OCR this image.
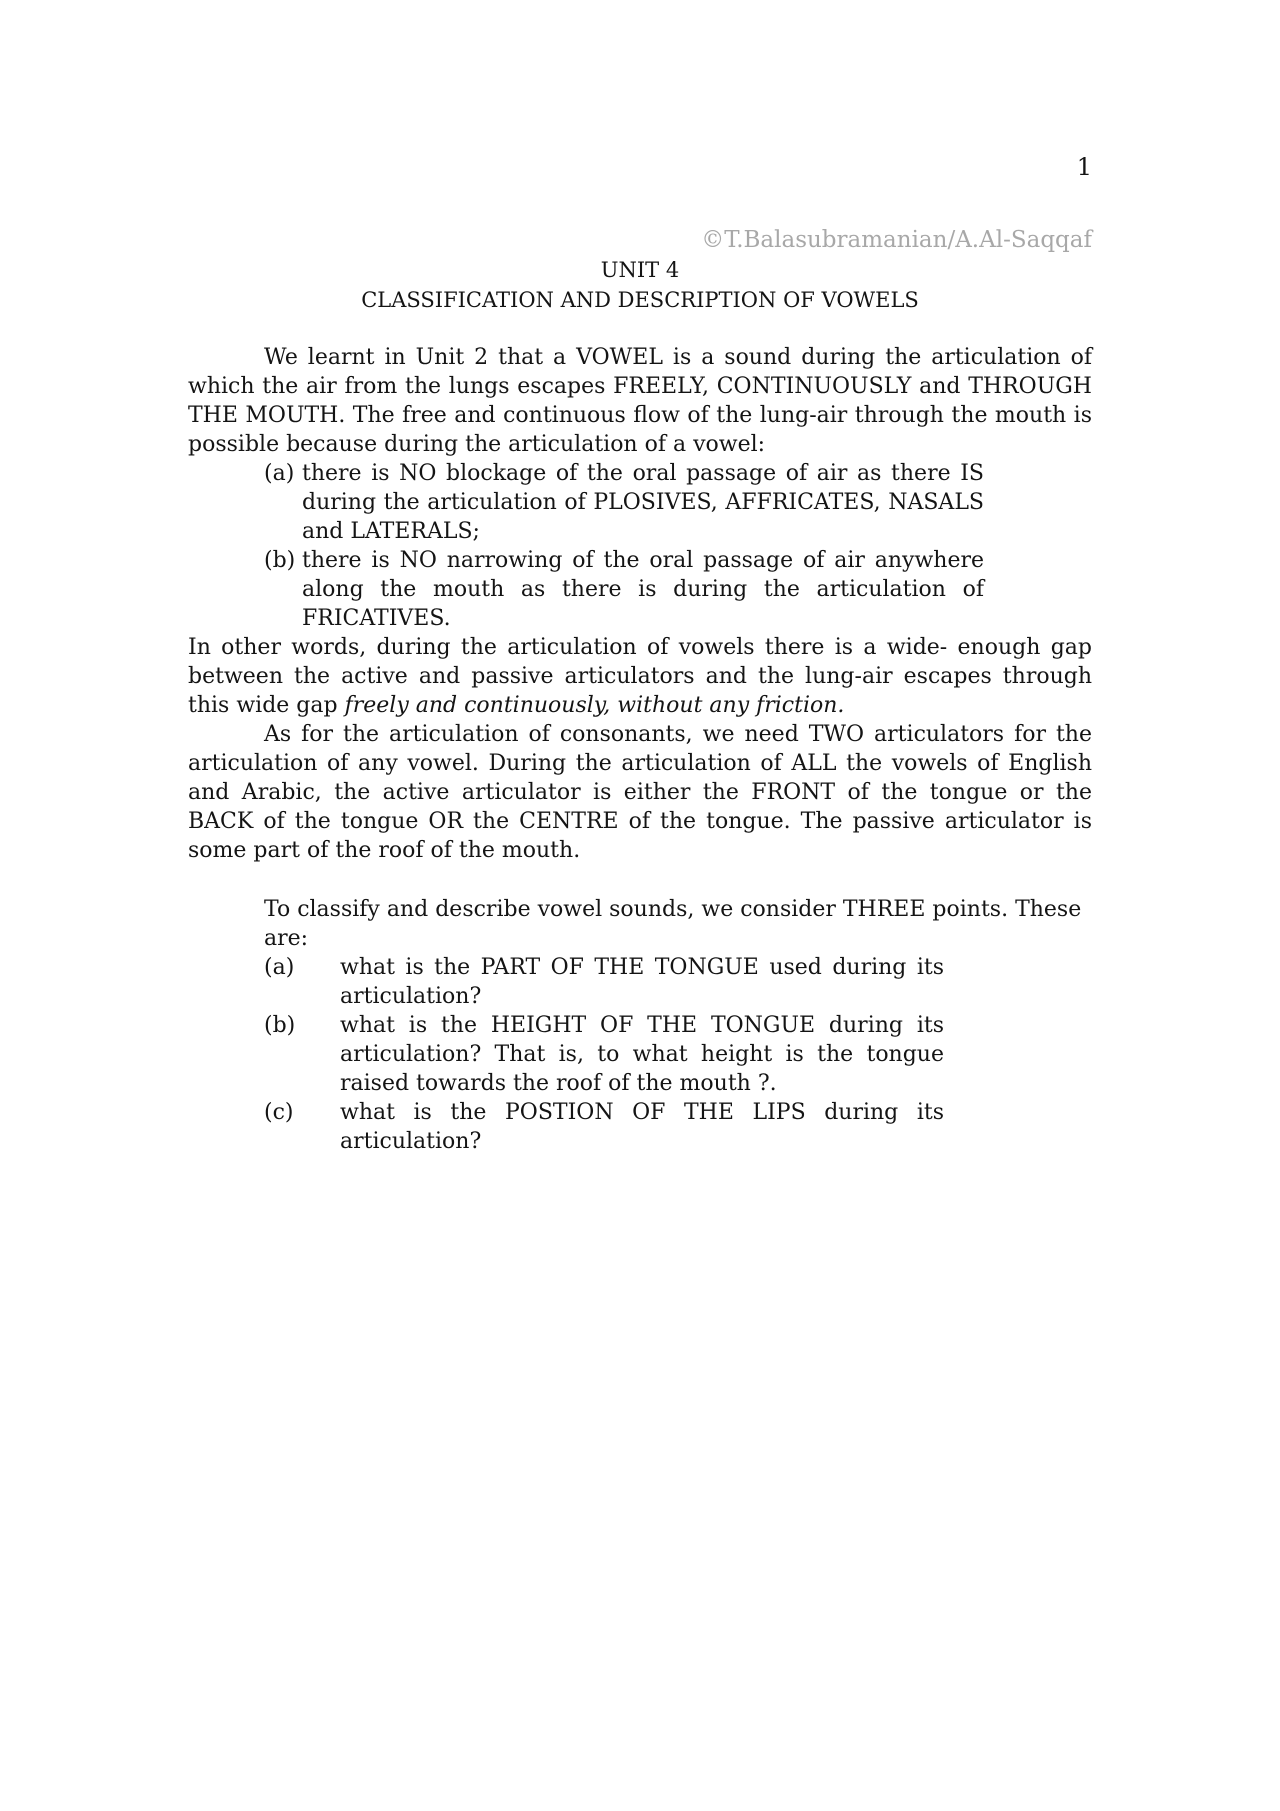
1
©T.Balasubramanian/A.Al-Saqqaf
UNIT 4
CLASSIFICATION AND DESCRIPTION OF VOWELS

We learnt in Unit 2 that a VOWEL is a sound during the articulation of which the air from the lungs escapes FREELY, CONTINUOUSLY and THROUGH THE MOUTH. The free and continuous flow of the lung-air through the mouth is possible because during the articulation of a vowel:

(a) there is NO blockage of the oral passage of air as there IS during the articulation of PLOSIVES, AFFRICATES, NASALS and LATERALS;
(b) there is NO narrowing of the oral passage of air anywhere along the mouth as there is during the articulation of FRICATIVES.

In other words, during the articulation of vowels there is a wide- enough gap between the active and passive articulators and the lung-air escapes through this wide gap freely and continuously, without any friction.

As for the articulation of consonants, we need TWO articulators for the articulation of any vowel. During the articulation of ALL the vowels of English and Arabic, the active articulator is either the FRONT of the tongue or the BACK of the tongue OR the CENTRE of the tongue. The passive articulator is some part of the roof of the mouth.

To classify and describe vowel sounds, we consider THREE points. These are:
(a) what is the PART OF THE TONGUE used during its articulation?
(b) what is the HEIGHT OF THE TONGUE during its articulation? That is, to what height is the tongue raised towards the roof of the mouth ?.
(c) what is the POSTION OF THE LIPS during its articulation?
